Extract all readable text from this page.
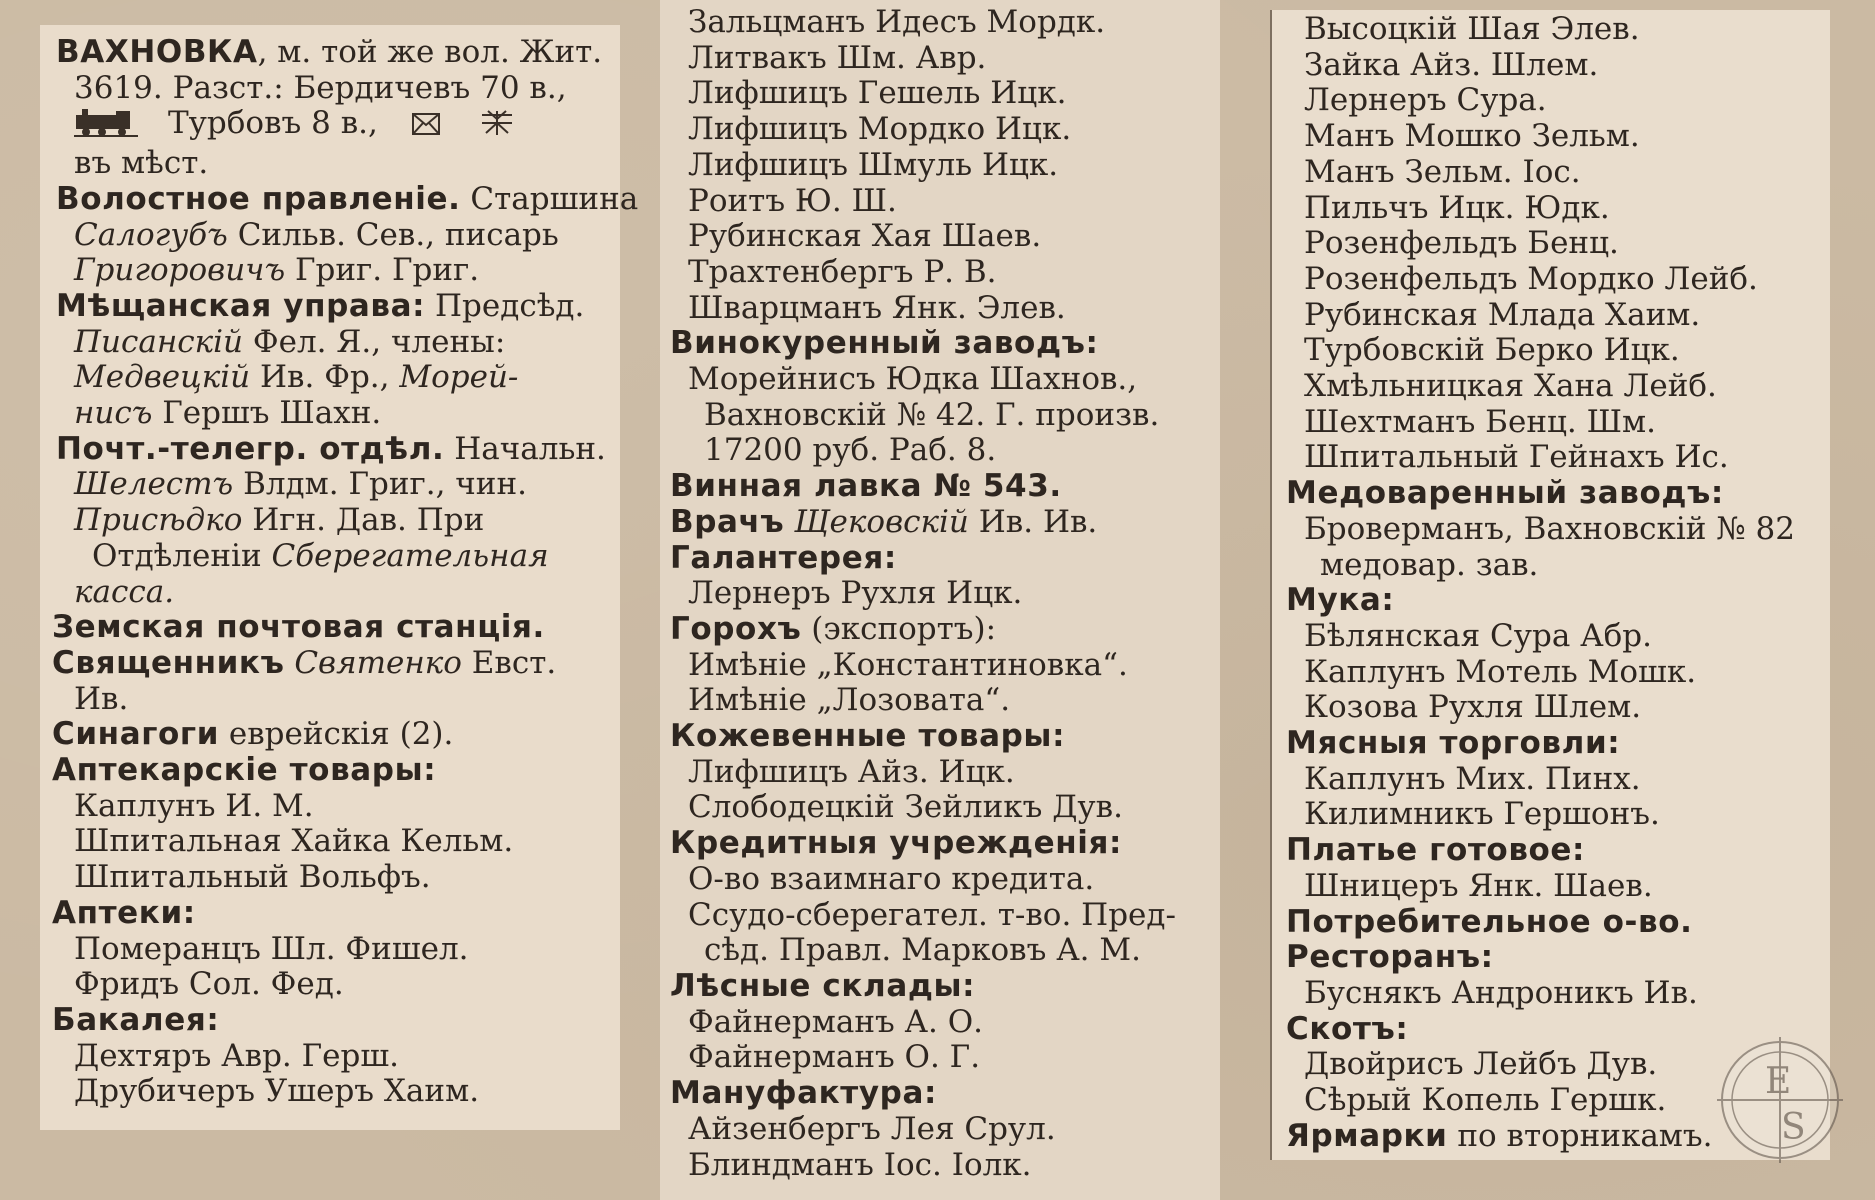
ВАХНОВКА, м. той же вол. Жит.
3619. Разст.: Бердичевъ 70 в.,
Турбовъ 8 в.,
въ мѣст.
Волостное правленіе. Старшина
Салогубъ Сильв. Сев., писарь
Григоровичъ Григ. Григ.
Мѣщанская управа: Предсѣд.
Писанскій Фел. Я., члены:
Медвецкій Ив. Фр., Морей-
нисъ Гершъ Шахн.
Почт.-телегр. отдѣл. Начальн.
Шелестъ Влдм. Григ., чин.
Присѣдко Игн. Дав. При
Отдѣленіи Сберегательная
касса.
Земская почтовая станція.
Священникъ Святенко Евст.
Ив.
Синагоги еврейскія (2).
Аптекарскіе товары:
Каплунъ И. М.
Шпитальная Хайка Кельм.
Шпитальный Вольфъ.
Аптеки:
Померанцъ Шл. Фишел.
Фридъ Сол. Фед.
Бакалея:
Дехтяръ Авр. Герш.
Друбичеръ Ушеръ Хаим.
Зальцманъ Идесъ Мордк.
Литвакъ Шм. Авр.
Лифшицъ Гешель Ицк.
Лифшицъ Мордко Ицк.
Лифшицъ Шмуль Ицк.
Роитъ Ю. Ш.
Рубинская Хая Шаев.
Трахтенбергъ Р. В.
Шварцманъ Янк. Элев.
Винокуренный заводъ:
Морейнисъ Юдка Шахнов.,
Вахновскій № 42. Г. произв.
17200 руб. Раб. 8.
Винная лавка № 543.
Врачъ Щековскій Ив. Ив.
Галантерея:
Лернеръ Рухля Ицк.
Горохъ (экспортъ):
Имѣніе „Константиновка“.
Имѣніе „Лозовата“.
Кожевенные товары:
Лифшицъ Айз. Ицк.
Слободецкій Зейликъ Дув.
Кредитныя учрежденія:
О-во взаимнаго кредита.
Ссудо-сберегател. т-во. Пред-
сѣд. Правл. Марковъ А. М.
Лѣсные склады:
Файнерманъ А. О.
Файнерманъ О. Г.
Мануфактура:
Айзенбергъ Лея Срул.
Блиндманъ Іос. Іолк.
Высоцкій Шая Элев.
Зайка Айз. Шлем.
Лернеръ Сура.
Манъ Мошко Зельм.
Манъ Зельм. Іос.
Пильчъ Ицк. Юдк.
Розенфельдъ Бенц.
Розенфельдъ Мордко Лейб.
Рубинская Млада Хаим.
Турбовскій Берко Ицк.
Хмѣльницкая Хана Лейб.
Шехтманъ Бенц. Шм.
Шпитальный Гейнахъ Ис.
Медоваренный заводъ:
Брoверманъ, Вахновскій № 82
медовар. зав.
Мука:
Бѣлянская Сура Абр.
Каплунъ Мотель Мошк.
Козова Рухля Шлем.
Мясныя торговли:
Каплунъ Мих. Пинх.
Килимникъ Гершонъ.
Платье готовое:
Шницеръ Янк. Шаев.
Потребительное о-во.
Ресторанъ:
Буснякъ Андроникъ Ив.
Скотъ:
Двойрисъ Лейбъ Дув.
Сѣрый Копель Гершк.
Ярмарки по вторникамъ.
E
S
